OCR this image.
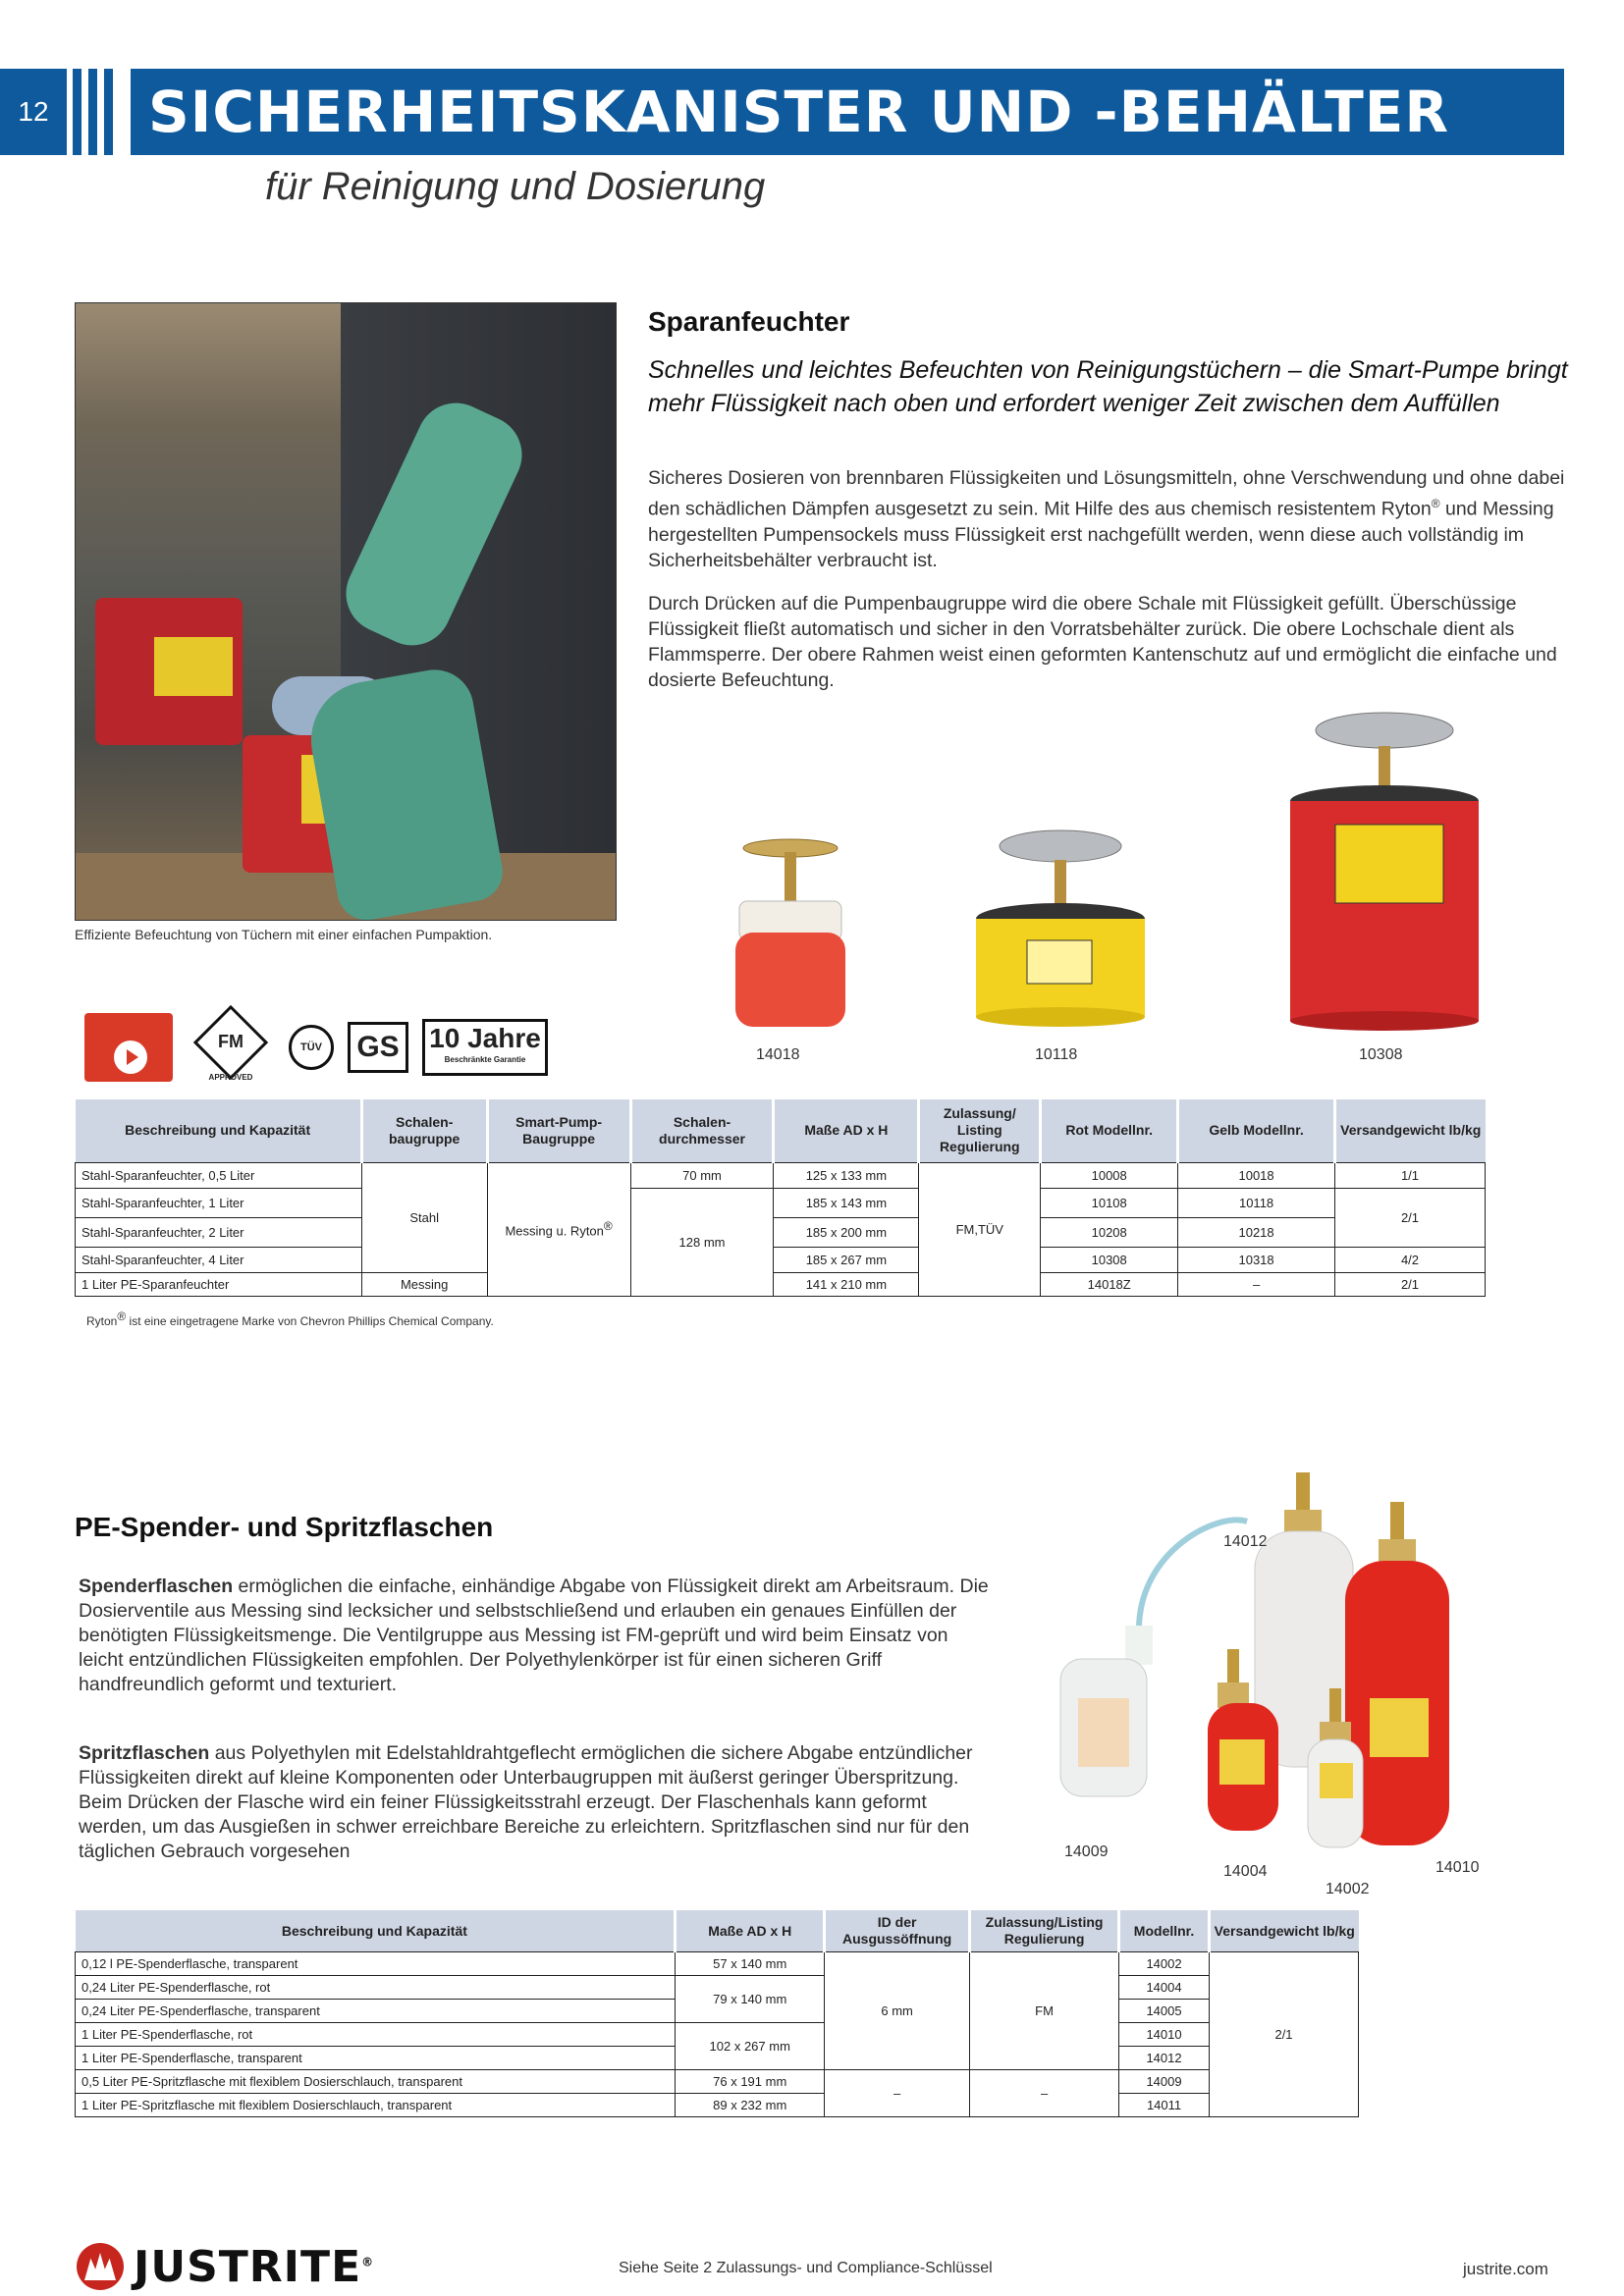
12	SICHERHEITSKANISTER UND -BEHÄLTER
für Reinigung und Dosierung
Effiziente Befeuchtung von Tüchern mit einer einfachen Pumpaktion.
Sparanfeuchter
Schnelles und leichtes Befeuchten von Reinigungstüchern – die Smart-Pumpe bringt mehr Flüssigkeit nach oben und erfordert weniger Zeit zwischen dem Auffüllen
Sicheres Dosieren von brennbaren Flüssigkeiten und Lösungsmitteln, ohne Verschwendung und ohne dabei den schädlichen Dämpfen ausgesetzt zu sein. Mit Hilfe des aus chemisch resistentem Ryton® und Messing hergestellten Pumpensockels muss Flüssigkeit erst nachgefüllt werden, wenn diese auch vollständig im Sicherheitsbehälter verbraucht ist.
Durch Drücken auf die Pumpenbaugruppe wird die obere Schale mit Flüssigkeit gefüllt. Überschüssige Flüssigkeit fließt automatisch und sicher in den Vorratsbehälter zurück. Die obere Lochschale dient als Flammsperre. Der obere Rahmen weist einen geformten Kantenschutz auf und ermöglicht die einfache und dosierte Befeuchtung.
14018	10118	10308
FM
APPROVED
TÜV	GS	10 Jahre
Beschränkte Garantie
Beschreibung und Kapazität	Schalen-baugruppe	Smart-Pump-Baugruppe	Schalen-durchmesser	Maße AD x H	Zulassung/ Listing Regulierung	Rot Modellnr.	Gelb Modellnr.	Versandgewicht lb/kg
Stahl-Sparanfeuchter, 0,5 Liter	Stahl	Messing u. Ryton®	70 mm	125 x 133 mm	FM,TÜV	10008	10018	1/1
Stahl-Sparanfeuchter, 1 Liter			128 mm	185 x 143 mm		10108	10118	2/1
Stahl-Sparanfeuchter, 2 Liter				185 x 200 mm		10208	10218	
Stahl-Sparanfeuchter, 4 Liter				185 x 267 mm		10308	10318	4/2
1 Liter PE-Sparanfeuchter	Messing			141 x 210 mm		14018Z	–	2/1
Ryton® ist eine eingetragene Marke von Chevron Phillips Chemical Company.
PE-Spender- und Spritzflaschen
Spenderflaschen ermöglichen die einfache, einhändige Abgabe von Flüssigkeit direkt am Arbeitsraum. Die Dosierventile aus Messing sind lecksicher und selbstschließend und erlauben ein genaues Einfüllen der benötigten Flüssigkeitsmenge. Die Ventilgruppe aus Messing ist FM-geprüft und wird beim Einsatz von leicht entzündlichen Flüssigkeiten empfohlen. Der Polyethylenkörper ist für einen sicheren Griff handfreundlich geformt und texturiert.
Spritzflaschen aus Polyethylen mit Edelstahldrahtgeflecht ermöglichen die sichere Abgabe entzündlicher Flüssigkeiten direkt auf kleine Komponenten oder Unterbaugruppen mit äußerst geringer Überspritzung. Beim Drücken der Flasche wird ein feiner Flüssigkeitsstrahl erzeugt. Der Flaschenhals kann geformt werden, um das Ausgießen in schwer erreichbare Bereiche zu erleichtern. Spritzflaschen sind nur für den täglichen Gebrauch vorgesehen
14012
14009
14004
14002
14010
Beschreibung und Kapazität	Maße AD x H	ID der Ausgussöffnung	Zulassung/Listing Regulierung	Modellnr.	Versandgewicht lb/kg
0,12 l PE-Spenderflasche, transparent	57 x 140 mm	6 mm	FM	14002	2/1
0,24 Liter PE-Spenderflasche, rot	79 x 140 mm			14004	
0,24 Liter PE-Spenderflasche, transparent				14005	
1 Liter PE-Spenderflasche, rot	102 x 267 mm			14010	
1 Liter PE-Spenderflasche, transparent				14012	
0,5 Liter PE-Spritzflasche mit flexiblem Dosierschlauch, transparent	76 x 191 mm	–	–	14009	
1 Liter PE-Spritzflasche mit flexiblem Dosierschlauch, transparent	89 x 232 mm			14011	
JUSTRITE®	Siehe Seite 2 Zulassungs- und Compliance-Schlüssel	justrite.com
